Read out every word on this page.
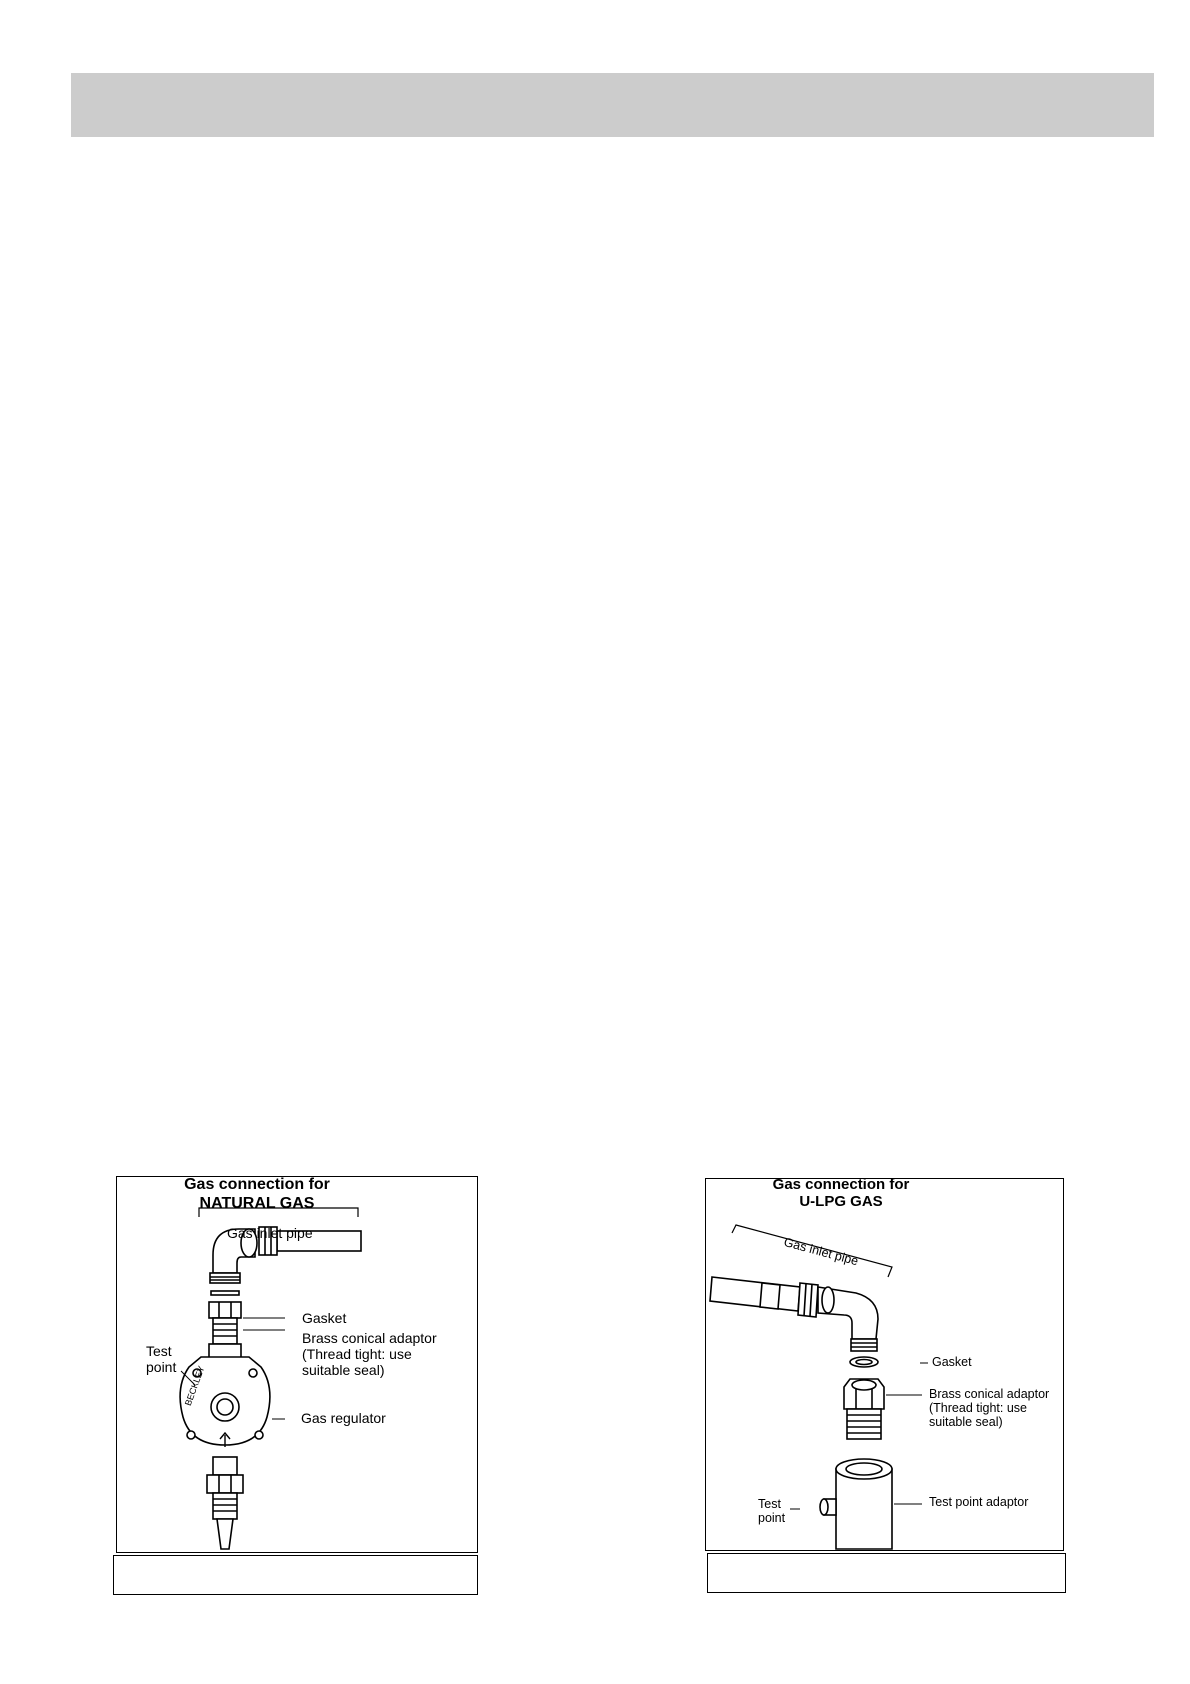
Gas connection for
NATURAL GAS
Gas inlet pipe
Gasket
Brass conical adaptor
(Thread tight: use
suitable seal)
Test
point
Gas regulator
BECKLEY
Gas connection for
U-LPG GAS
Gas inlet pipe
Gasket
Brass conical adaptor
(Thread tight: use
suitable seal)
Test point adaptor
Test
point
